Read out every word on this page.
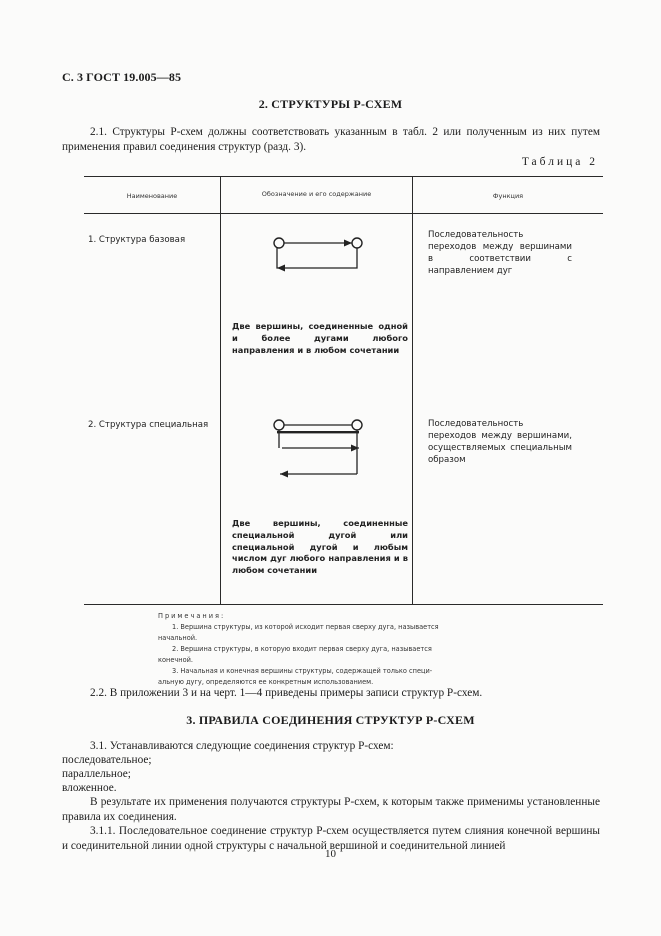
С. 3 ГОСТ 19.005—85
2. СТРУКТУРЫ Р-СХЕМ
2.1. Структуры Р-схем должны соответствовать указанным в табл. 2 или полученным из них путем применения правил соединения структур (разд. 3).
Таблица 2
Наименование	Обозначение и его содержание	Функция
1. Структура базовая
Две вершины, соединенные одной и более дугами любого направления и в любом сочетании
Последовательность переходов между вершинами в соответствии с направлением дуг
2. Структура специальная
Две вершины, соединенные специальной дугой или специальной дугой и любым числом дуг любого направления и в любом сочетании
Последовательность переходов между вершинами, осуществляемых специальным образом
Примечания:
1. Вершина структуры, из которой исходит первая сверху дуга, называется
начальной.
2. Вершина структуры, в которую входит первая сверху дуга, называется
конечной.
3. Начальная и конечная вершины структуры, содержащей только специ-
альную дугу, определяются ее конкретным использованием.
2.2. В приложении 3 и на черт. 1—4 приведены примеры записи структур Р-схем.
3. ПРАВИЛА СОЕДИНЕНИЯ СТРУКТУР Р-СХЕМ
3.1. Устанавливаются следующие соединения структур Р-схем:
последовательное;
параллельное;
вложенное.
В результате их применения получаются структуры Р-схем, к которым также применимы установленные правила их соединения.
3.1.1. Последовательное соединение структур Р-схем осуществляется путем слияния конечной вершины и соединительной линии одной структуры с начальной вершиной и соединительной линией
10
